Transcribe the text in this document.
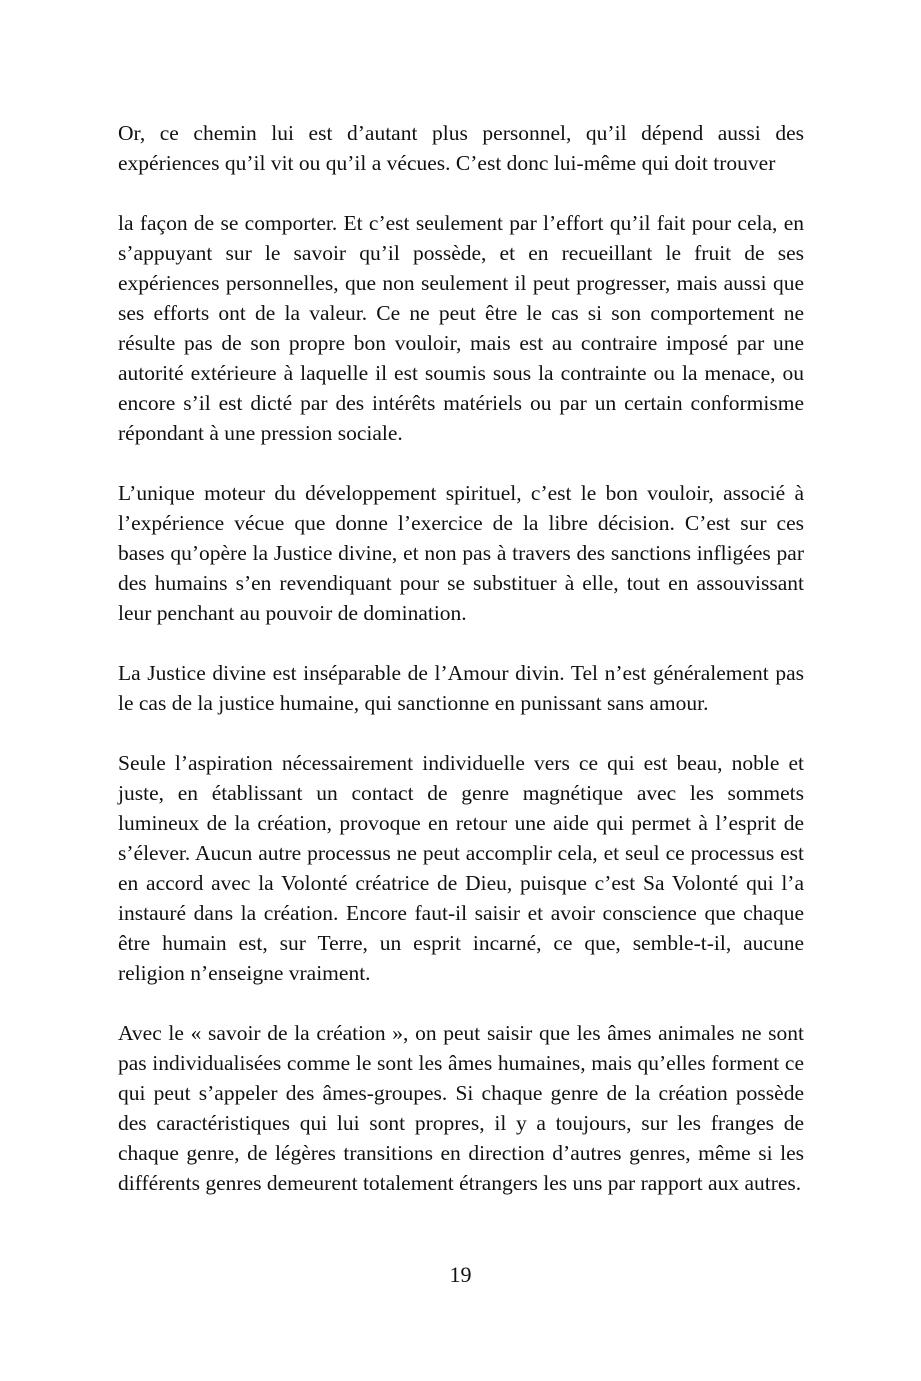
Or, ce chemin lui est d’autant plus personnel, qu’il dépend aussi des expériences qu’il vit ou qu’il a vécues. C’est donc lui-même qui doit trouver

la façon de se comporter. Et c’est seulement par l’effort qu’il fait pour cela, en s’appuyant sur le savoir qu’il possède, et en recueillant le fruit de ses expériences personnelles, que non seulement il peut progresser, mais aussi que ses efforts ont de la valeur. Ce ne peut être le cas si son comportement ne résulte pas de son propre bon vouloir, mais est au contraire imposé par une autorité extérieure à laquelle il est soumis sous la contrainte ou la menace, ou encore s’il est dicté par des intérêts matériels ou par un certain conformisme répondant à une pression sociale.

L’unique moteur du développement spirituel, c’est le bon vouloir, associé à l’expérience vécue que donne l’exercice de la libre décision. C’est sur ces bases qu’opère la Justice divine, et non pas à travers des sanctions infligées par des humains s’en revendiquant pour se substituer à elle, tout en assouvissant leur penchant au pouvoir de domination.

La Justice divine est inséparable de l’Amour divin. Tel n’est généralement pas le cas de la justice humaine, qui sanctionne en punissant sans amour.

Seule l’aspiration nécessairement individuelle vers ce qui est beau, noble et juste, en établissant un contact de genre magnétique avec les sommets lumineux de la création, provoque en retour une aide qui permet à l’esprit de s’élever. Aucun autre processus ne peut accomplir cela, et seul ce processus est en accord avec la Volonté créatrice de Dieu, puisque c’est Sa Volonté qui l’a instauré dans la création. Encore faut-il saisir et avoir conscience que chaque être humain est, sur Terre, un esprit incarné, ce que, semble-t-il, aucune religion n’enseigne vraiment.

Avec le « savoir de la création », on peut saisir que les âmes animales ne sont pas individualisées comme le sont les âmes humaines, mais qu’elles forment ce qui peut s’appeler des âmes-groupes. Si chaque genre de la création possède des caractéristiques qui lui sont propres, il y a toujours, sur les franges de chaque genre, de légères transitions en direction d’autres genres, même si les différents genres demeurent totalement étrangers les uns par rapport aux autres.

19
